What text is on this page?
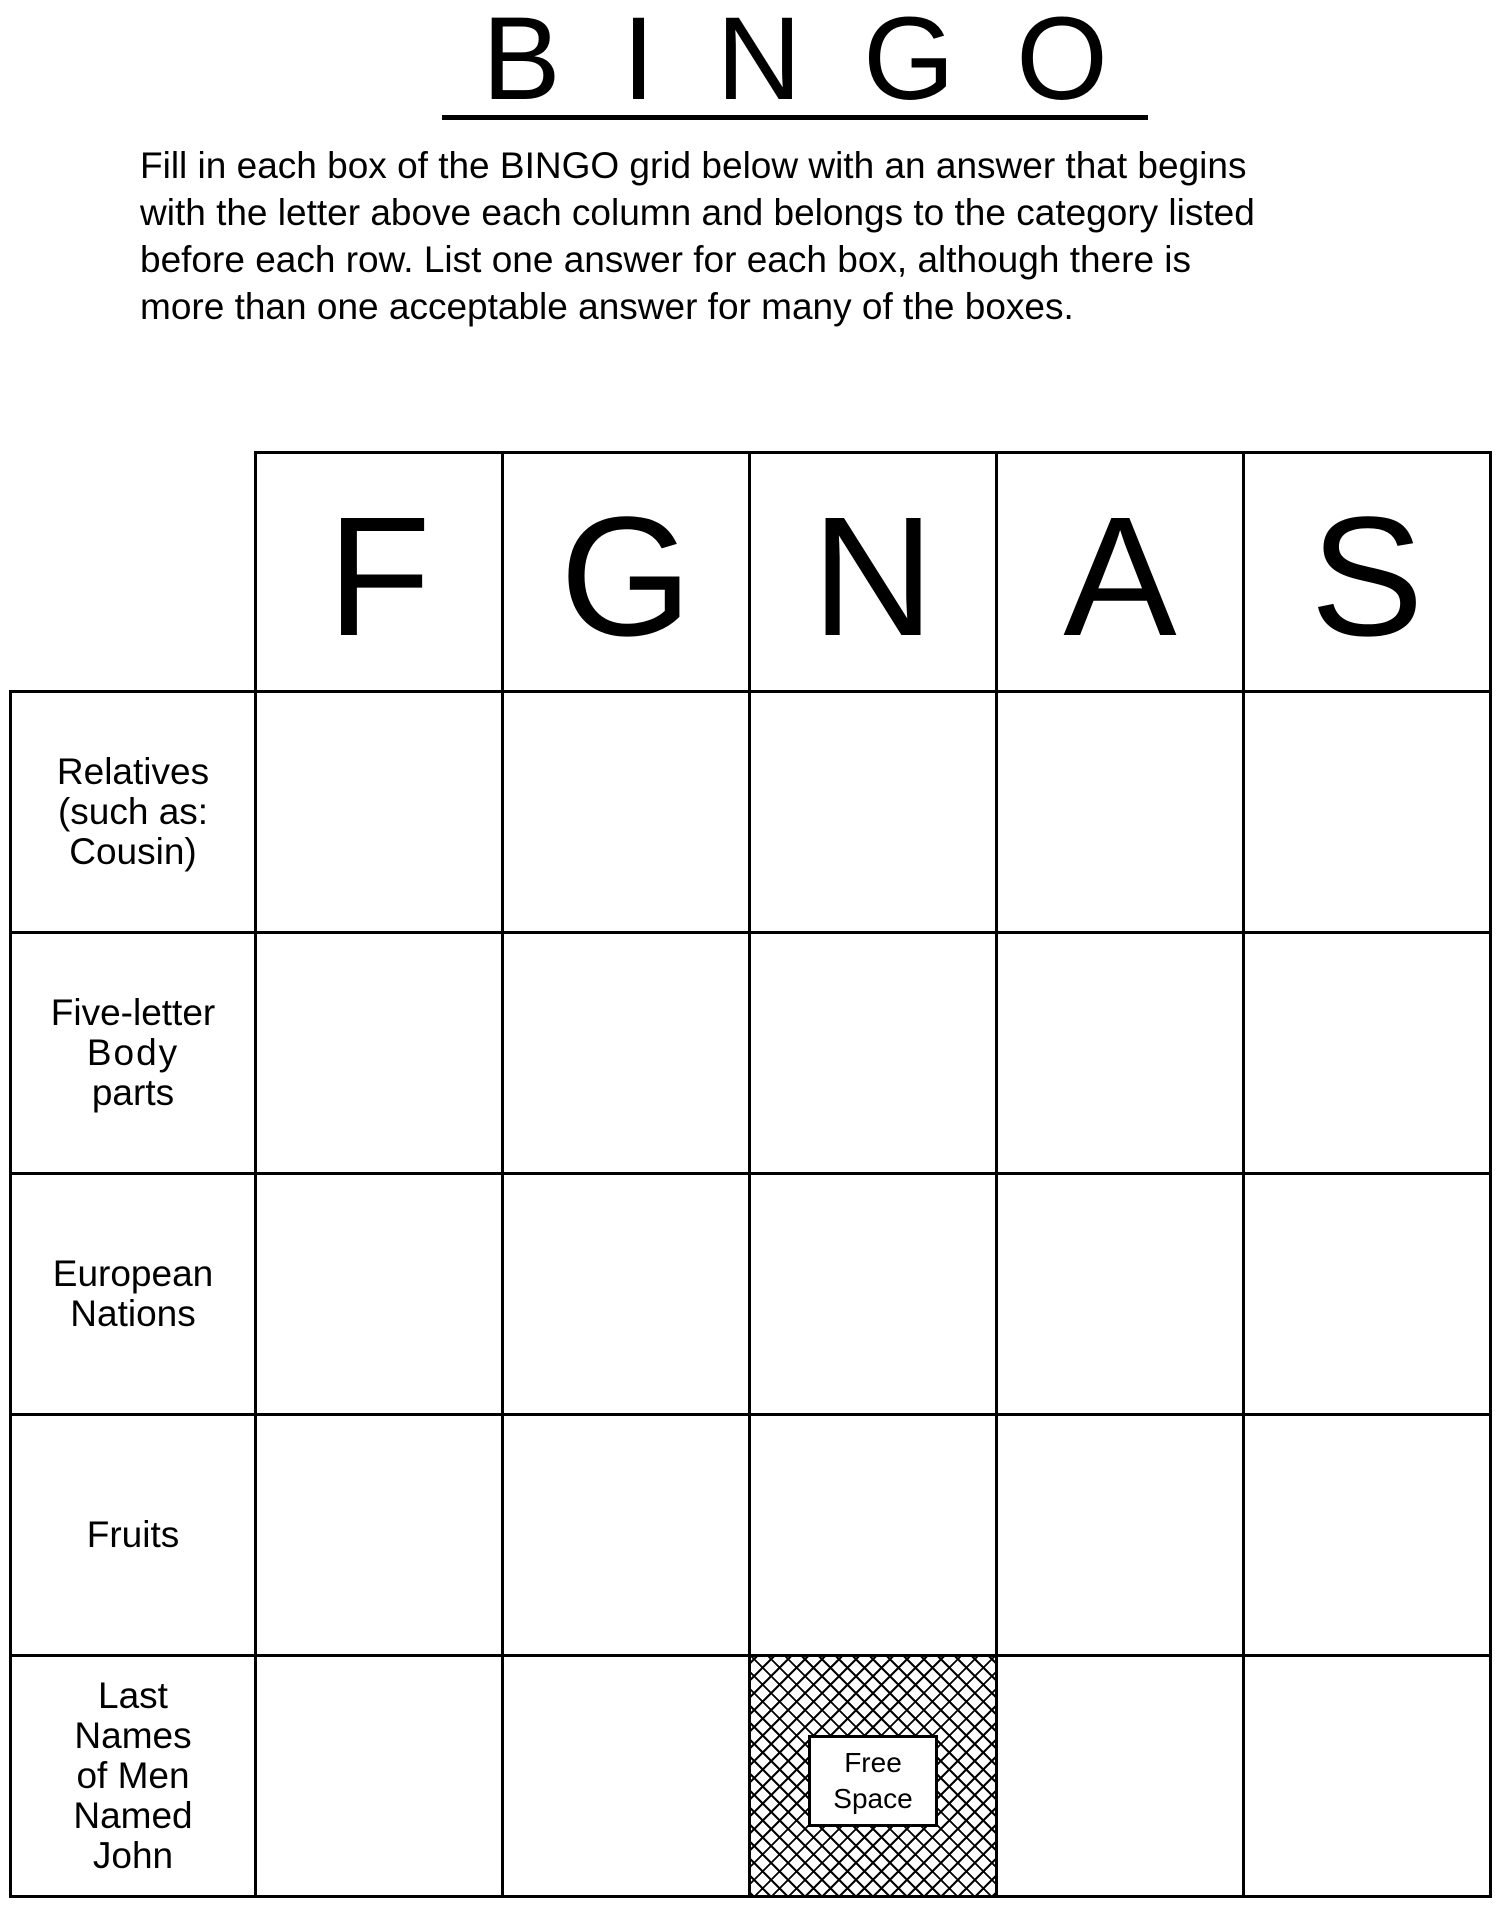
B I N G O

Fill in each box of the BINGO grid below with an answer that begins

with the letter above each column and belongs to the category listed

before each row. List one answer for each box, although there is

more than one acceptable answer for many of the boxes.

F G N A S
Relatives
(such as:
Cousin)
Five-letter
Body
parts
European
Nations
Fruits
Last
Names
of Men
Named
John
Free
Space
